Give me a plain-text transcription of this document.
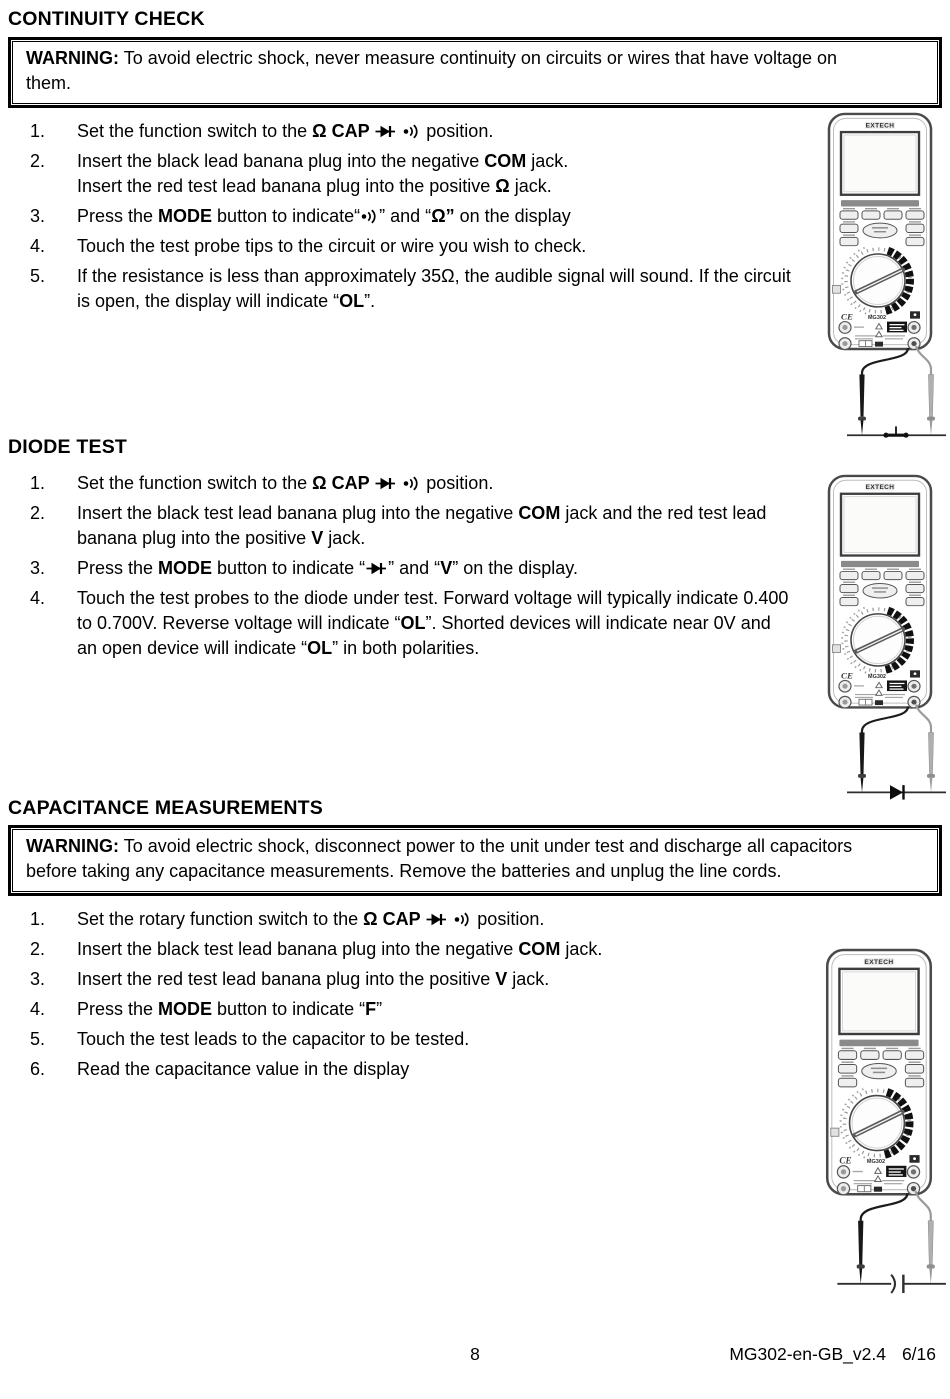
CONTINUITY CHECK
WARNING: To avoid electric shock, never measure continuity on circuits or wires that have voltage on them.
1.	Set the function switch to the Ω CAP	position.
2.	Insert the black lead banana plug into the negative COM jack.
Insert the red test lead banana plug into the positive Ω jack.
3.	Press the MODE button to indicate“ ” and “Ω” on the display
4.	Touch the test probe tips to the circuit or wire you wish to check.
5.	If the resistance is less than approximately 35Ω, the audible signal will sound. If the circuit is open, the display will indicate “OL”.
DIODE TEST
1.	Set the function switch to the Ω CAP	position.
2.	Insert the black test lead banana plug into the negative COM jack and the red test lead banana plug into the positive V jack.
3.	Press the MODE button to indicate “ ” and “V” on the display.
4.	Touch the test probes to the diode under test. Forward voltage will typically indicate 0.400 to 0.700V. Reverse voltage will indicate “OL”. Shorted devices will indicate near 0V and an open device will indicate “OL” in both polarities.
CAPACITANCE MEASUREMENTS
WARNING: To avoid electric shock, disconnect power to the unit under test and discharge all capacitors before taking any capacitance measurements. Remove the batteries and unplug the line cords.
1.	Set the rotary function switch to the Ω CAP	position.
2.	Insert the black test lead banana plug into the negative COM jack.
3.	Insert the red test lead banana plug into the positive V jack.
4.	Press the MODE button to indicate “F”
5.	Touch the test leads to the capacitor to be tested.
6.	Read the capacitance value in the display
8	MG302-en-GB_v2.4 6/16
